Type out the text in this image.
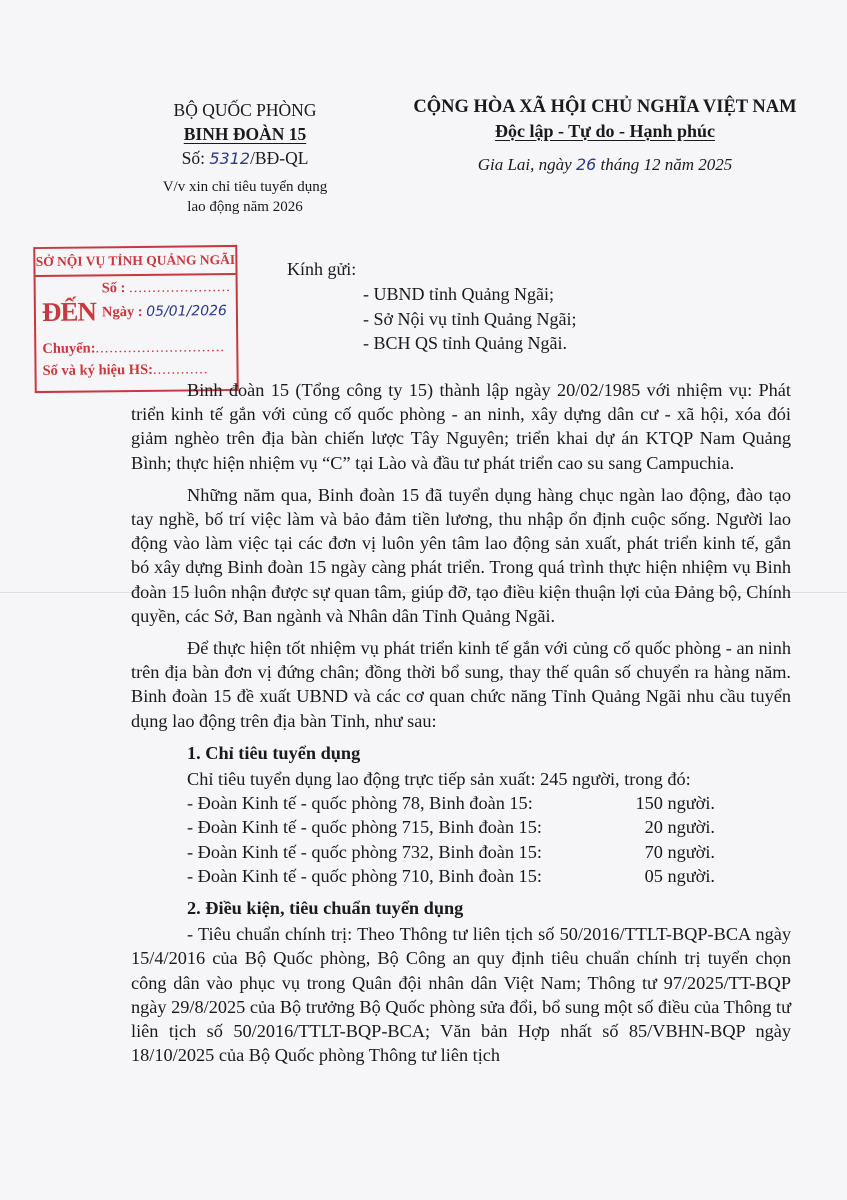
BỘ QUỐC PHÒNG
BINH ĐOÀN 15
Số: 5312/BĐ-QL
V/v xin chỉ tiêu tuyển dụng
lao động năm 2026
CỘNG HÒA XÃ HỘI CHỦ NGHĨA VIỆT NAM
Độc lập - Tự do - Hạnh phúc
Gia Lai, ngày 26 tháng 12 năm 2025
SỞ NỘI VỤ TỈNH QUẢNG NGÃI
ĐẾN
Số : ......................
Ngày : 05/01/2026
Chuyển:............................
Số và ký hiệu HS:............
Kính gửi:
- UBND tỉnh Quảng Ngãi;
- Sở Nội vụ tỉnh Quảng Ngãi;
- BCH QS tỉnh Quảng Ngãi.

Binh đoàn 15 (Tổng công ty 15) thành lập ngày 20/02/1985 với nhiệm vụ: Phát triển kinh tế gắn với củng cố quốc phòng - an ninh, xây dựng dân cư - xã hội, xóa đói giảm nghèo trên địa bàn chiến lược Tây Nguyên; triển khai dự án KTQP Nam Quảng Bình; thực hiện nhiệm vụ “C” tại Lào và đầu tư phát triển cao su sang Campuchia.

Những năm qua, Binh đoàn 15 đã tuyển dụng hàng chục ngàn lao động, đào tạo tay nghề, bố trí việc làm và bảo đảm tiền lương, thu nhập ổn định cuộc sống. Người lao động vào làm việc tại các đơn vị luôn yên tâm lao động sản xuất, phát triển kinh tế, gắn bó xây dựng Binh đoàn 15 ngày càng phát triển. Trong quá trình thực hiện nhiệm vụ Binh đoàn 15 luôn nhận được sự quan tâm, giúp đỡ, tạo điều kiện thuận lợi của Đảng bộ, Chính quyền, các Sở, Ban ngành và Nhân dân Tỉnh Quảng Ngãi.

Để thực hiện tốt nhiệm vụ phát triển kinh tế gắn với củng cố quốc phòng - an ninh trên địa bàn đơn vị đứng chân; đồng thời bổ sung, thay thế quân số chuyển ra hàng năm. Binh đoàn 15 đề xuất UBND và các cơ quan chức năng Tỉnh Quảng Ngãi nhu cầu tuyển dụng lao động trên địa bàn Tỉnh, như sau:

1. Chỉ tiêu tuyển dụng
Chỉ tiêu tuyển dụng lao động trực tiếp sản xuất: 245 người, trong đó:
- Đoàn Kinh tế - quốc phòng 78, Binh đoàn 15:	150 người.
- Đoàn Kinh tế - quốc phòng 715, Binh đoàn 15:	20 người.
- Đoàn Kinh tế - quốc phòng 732, Binh đoàn 15:	70 người.
- Đoàn Kinh tế - quốc phòng 710, Binh đoàn 15:	05 người.
2. Điều kiện, tiêu chuẩn tuyển dụng

- Tiêu chuẩn chính trị: Theo Thông tư liên tịch số 50/2016/TTLT-BQP-BCA ngày 15/4/2016 của Bộ Quốc phòng, Bộ Công an quy định tiêu chuẩn chính trị tuyển chọn công dân vào phục vụ trong Quân đội nhân dân Việt Nam; Thông tư 97/2025/TT-BQP ngày 29/8/2025 của Bộ trưởng Bộ Quốc phòng sửa đổi, bổ sung một số điều của Thông tư liên tịch số 50/2016/TTLT-BQP-BCA; Văn bản Hợp nhất số 85/VBHN-BQP ngày 18/10/2025 của Bộ Quốc phòng Thông tư liên tịch
